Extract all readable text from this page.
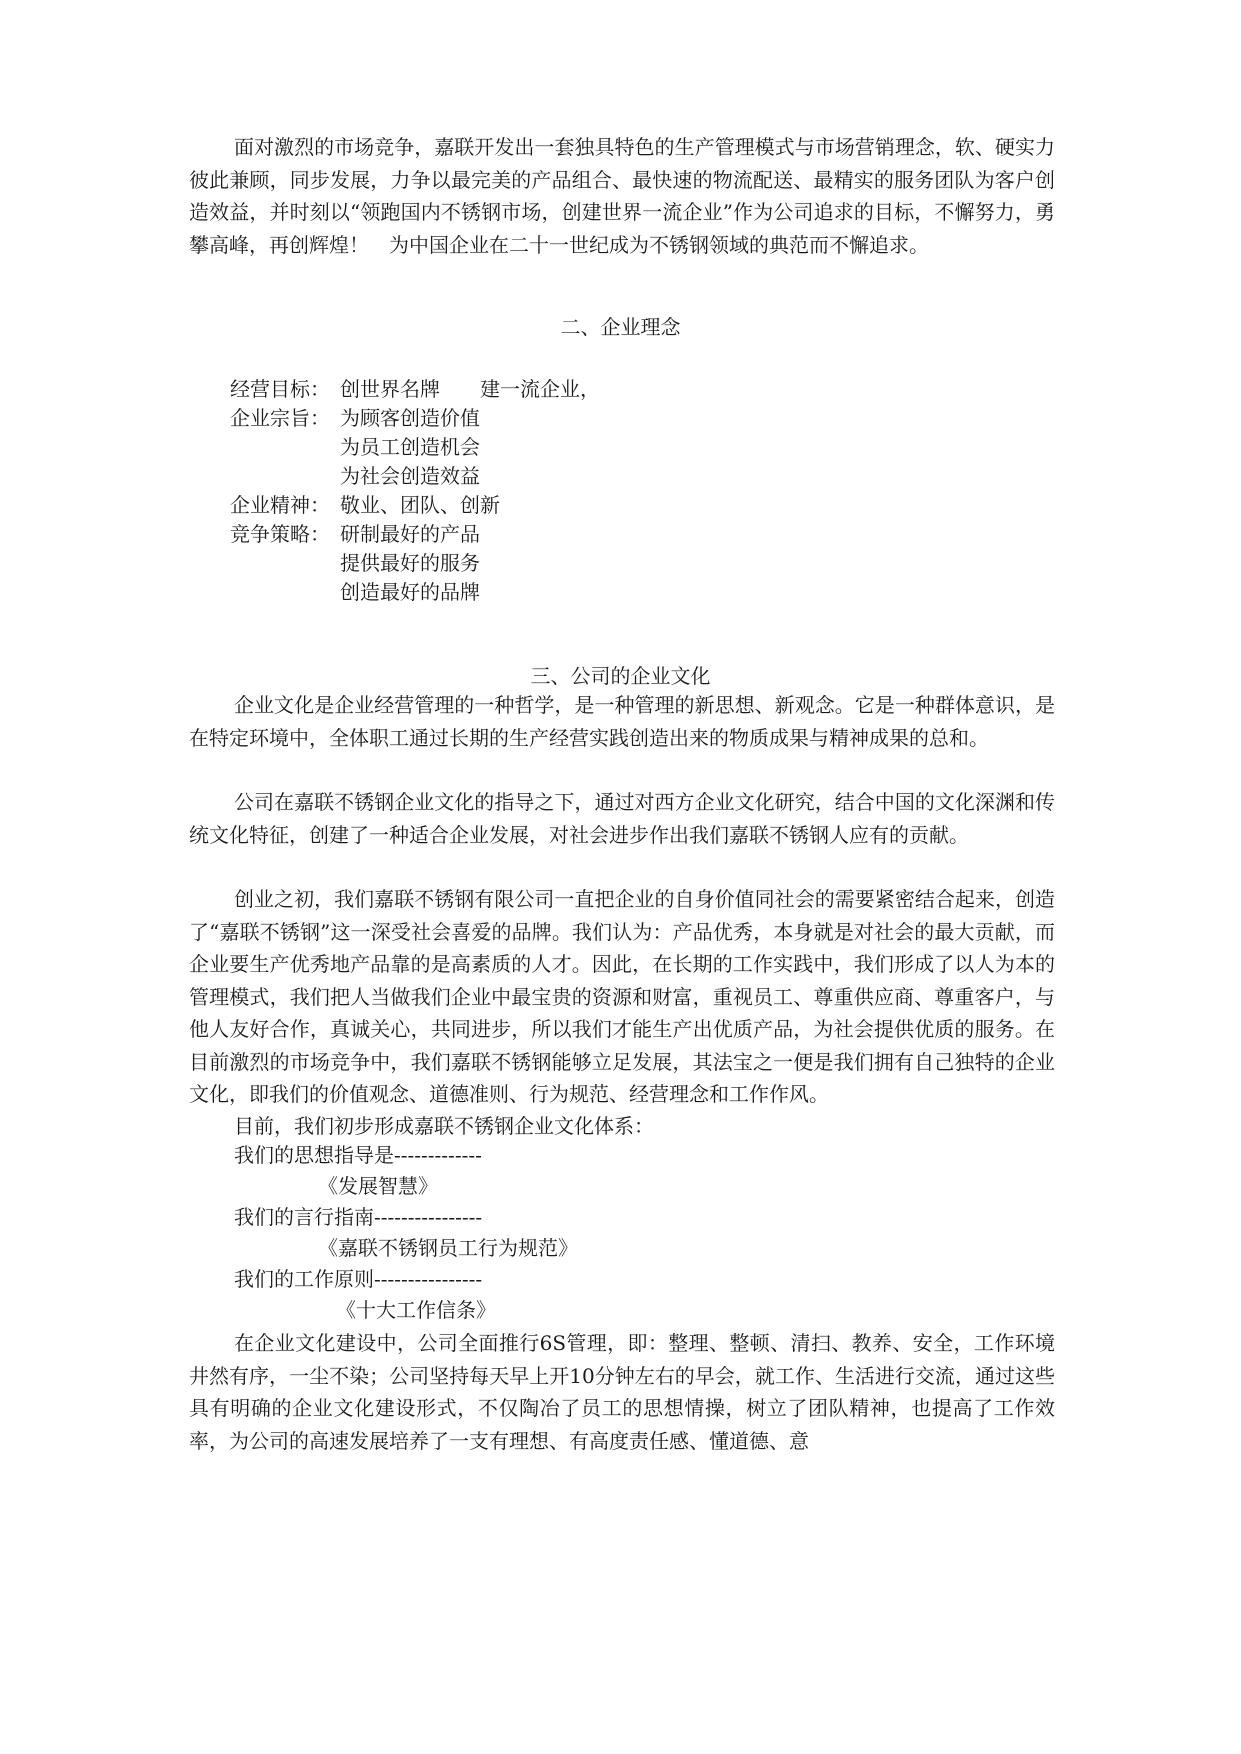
面对激烈的市场竞争，嘉联开发出一套独具特色的生产管理模式与市场营销理念，软、硬实力彼此兼顾，同步发展，力争以最完美的产品组合、最快速的物流配送、最精实的服务团队为客户创造效益，并时刻以“领跑国内不锈钢市场，创建世界一流企业”作为公司追求的目标，不懈努力，勇攀高峰，再创辉煌！　为中国企业在二十一世纪成为不锈钢领域的典范而不懈追求。

二、企业理念

经营目标： 创世界名牌　　建一流企业，
企业宗旨： 为顾客创造价值
为员工创造机会
为社会创造效益
企业精神： 敬业、团队、创新
竞争策略： 研制最好的产品
提供最好的服务
创造最好的品牌

三、公司的企业文化

企业文化是企业经营管理的一种哲学，是一种管理的新思想、新观念。它是一种群体意识，是在特定环境中，全体职工通过长期的生产经营实践创造出来的物质成果与精神成果的总和。

公司在嘉联不锈钢企业文化的指导之下，通过对西方企业文化研究，结合中国的文化深渊和传统文化特征，创建了一种适合企业发展，对社会进步作出我们嘉联不锈钢人应有的贡献。

创业之初，我们嘉联不锈钢有限公司一直把企业的自身价值同社会的需要紧密结合起来，创造了“嘉联不锈钢”这一深受社会喜爱的品牌。我们认为：产品优秀，本身就是对社会的最大贡献，而企业要生产优秀地产品靠的是高素质的人才。因此，在长期的工作实践中，我们形成了以人为本的管理模式，我们把人当做我们企业中最宝贵的资源和财富，重视员工、尊重供应商、尊重客户，与他人友好合作，真诚关心，共同进步，所以我们才能生产出优质产品，为社会提供优质的服务。在目前激烈的市场竞争中，我们嘉联不锈钢能够立足发展，其法宝之一便是我们拥有自己独特的企业文化，即我们的价值观念、道德准则、行为规范、经营理念和工作作风。

目前，我们初步形成嘉联不锈钢企业文化体系：

我们的思想指导是-------------
《发展智慧》
我们的言行指南----------------
《嘉联不锈钢员工行为规范》
我们的工作原则----------------
《十大工作信条》

在企业文化建设中，公司全面推行6S管理，即：整理、整顿、清扫、教养、安全，工作环境井然有序，一尘不染；公司坚持每天早上开10分钟左右的早会，就工作、生活进行交流，通过这些具有明确的企业文化建设形式，不仅陶冶了员工的思想情操，树立了团队精神，也提高了工作效率，为公司的高速发展培养了一支有理想、有高度责任感、懂道德、意
